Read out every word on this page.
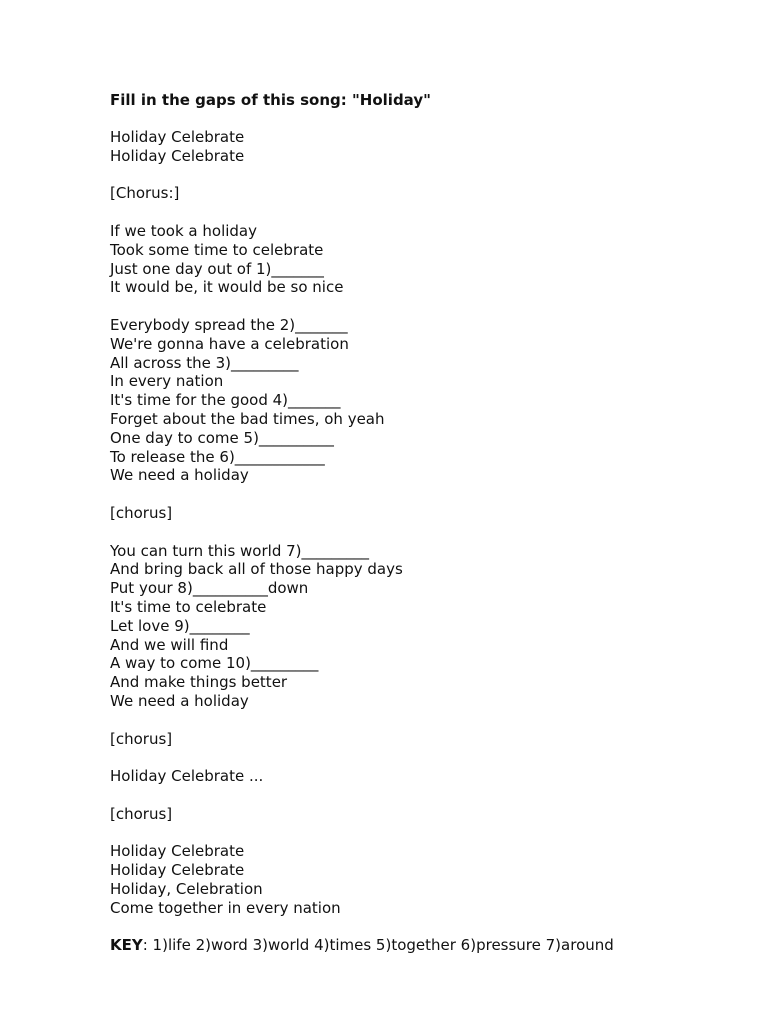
Fill in the gaps of this song: "Holiday"
Holiday Celebrate
Holiday Celebrate
[Chorus:]
If we took a holiday
Took some time to celebrate
Just one day out of 1)_______
It would be, it would be so nice
Everybody spread the 2)_______
We're gonna have a celebration
All across the 3)_________
In every nation
It's time for the good 4)_______
Forget about the bad times, oh yeah
One day to come 5)__________
To release the 6)____________
We need a holiday
[chorus]
You can turn this world 7)_________
And bring back all of those happy days
Put your 8)__________down
It's time to celebrate
Let love 9)________
And we will find
A way to come 10)_________
And make things better
We need a holiday
[chorus]
Holiday Celebrate ...
[chorus]
Holiday Celebrate
Holiday Celebrate
Holiday, Celebration
Come together in every nation
KEY: 1)life 2)word 3)world 4)times 5)together 6)pressure 7)around
